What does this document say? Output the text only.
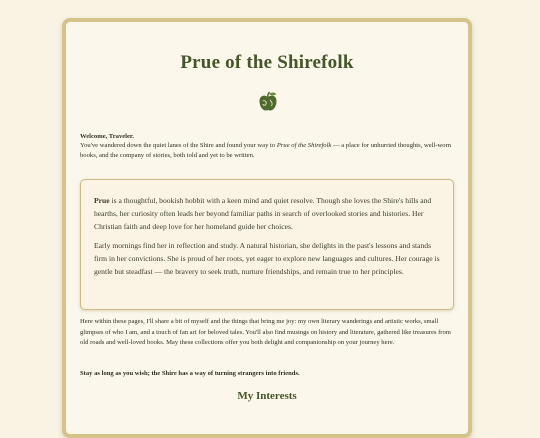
Prue of the Shirefolk
Welcome, Traveler.
You've wandered down the quiet lanes of the Shire and found your way to Prue of the Shirefolk — a place for unhurried thoughts, well-worn books, and the company of stories, both told and yet to be written.

Prue is a thoughtful, bookish hobbit with a keen mind and quiet resolve. Though she loves the Shire's hills and hearths, her curiosity often leads her beyond familiar paths in search of overlooked stories and histories. Her Christian faith and deep love for her homeland guide her choices.

Early mornings find her in reflection and study. A natural historian, she delights in the past's lessons and stands firm in her convictions. She is proud of her roots, yet eager to explore new languages and cultures. Her courage is gentle but steadfast — the bravery to seek truth, nurture friendships, and remain true to her principles.

Here within these pages, I'll share a bit of myself and the things that bring me joy: my own literary wanderings and artistic works, small glimpses of who I am, and a touch of fan art for beloved tales. You'll also find musings on history and literature, gathered like treasures from old roads and well-loved books. May these collections offer you both delight and companionship on your journey here.
Stay as long as you wish; the Shire has a way of turning strangers into friends.
My Interests
